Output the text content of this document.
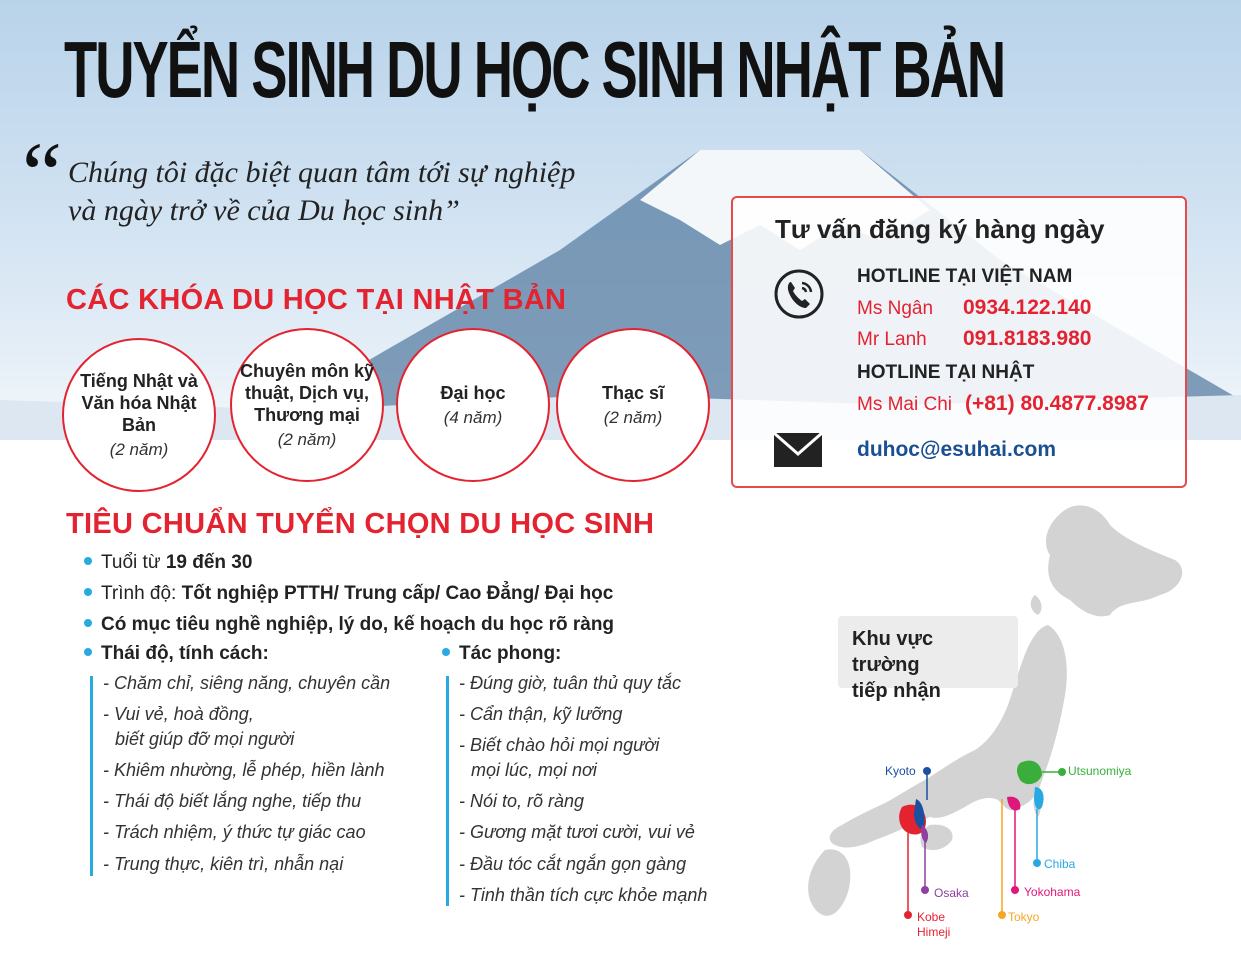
TUYỂN SINH DU HỌC SINH NHẬT BẢN
“ Chúng tôi đặc biệt quan tâm tới sự nghiệp
và ngày trở về của Du học sinh”
CÁC KHÓA DU HỌC TẠI NHẬT BẢN
Tiếng Nhật và Văn hóa Nhật Bản
(2 năm)
Chuyên môn kỹ thuật, Dịch vụ, Thương mại
(2 năm)
Đại học
(4 năm)
Thạc sĩ
(2 năm)
Tư vấn đăng ký hàng ngày
HOTLINE TẠI VIỆT NAM
Ms Ngân 0934.122.140
Mr Lanh 091.8183.980
HOTLINE TẠI NHẬT
Ms Mai Chi (+81) 80.4877.8987
duhoc@esuhai.com
TIÊU CHUẨN TUYỂN CHỌN DU HỌC SINH
Tuổi từ 19 đến 30
Trình độ: Tốt nghiệp PTTH/ Trung cấp/ Cao Đẳng/ Đại học
Có mục tiêu nghề nghiệp, lý do, kế hoạch du học rõ ràng
Thái độ, tính cách:	Tác phong:
- Chăm chỉ, siêng năng, chuyên cần
- Vui vẻ, hoà đồng,
biết giúp đỡ mọi người
- Khiêm nhường, lễ phép, hiền lành
- Thái độ biết lắng nghe, tiếp thu
- Trách nhiệm, ý thức tự giác cao
- Trung thực, kiên trì, nhẫn nại
- Đúng giờ, tuân thủ quy tắc
- Cẩn thận, kỹ lưỡng
- Biết chào hỏi mọi người
mọi lúc, mọi nơi
- Nói to, rõ ràng
- Gương mặt tươi cười, vui vẻ
- Đầu tóc cắt ngắn gọn gàng
- Tinh thần tích cực khỏe mạnh
Khu vực trường
tiếp nhận
Kyoto	Utsunomiya
Chiba
Osaka	Yokohama
Kobe
Himeji
Tokyo
